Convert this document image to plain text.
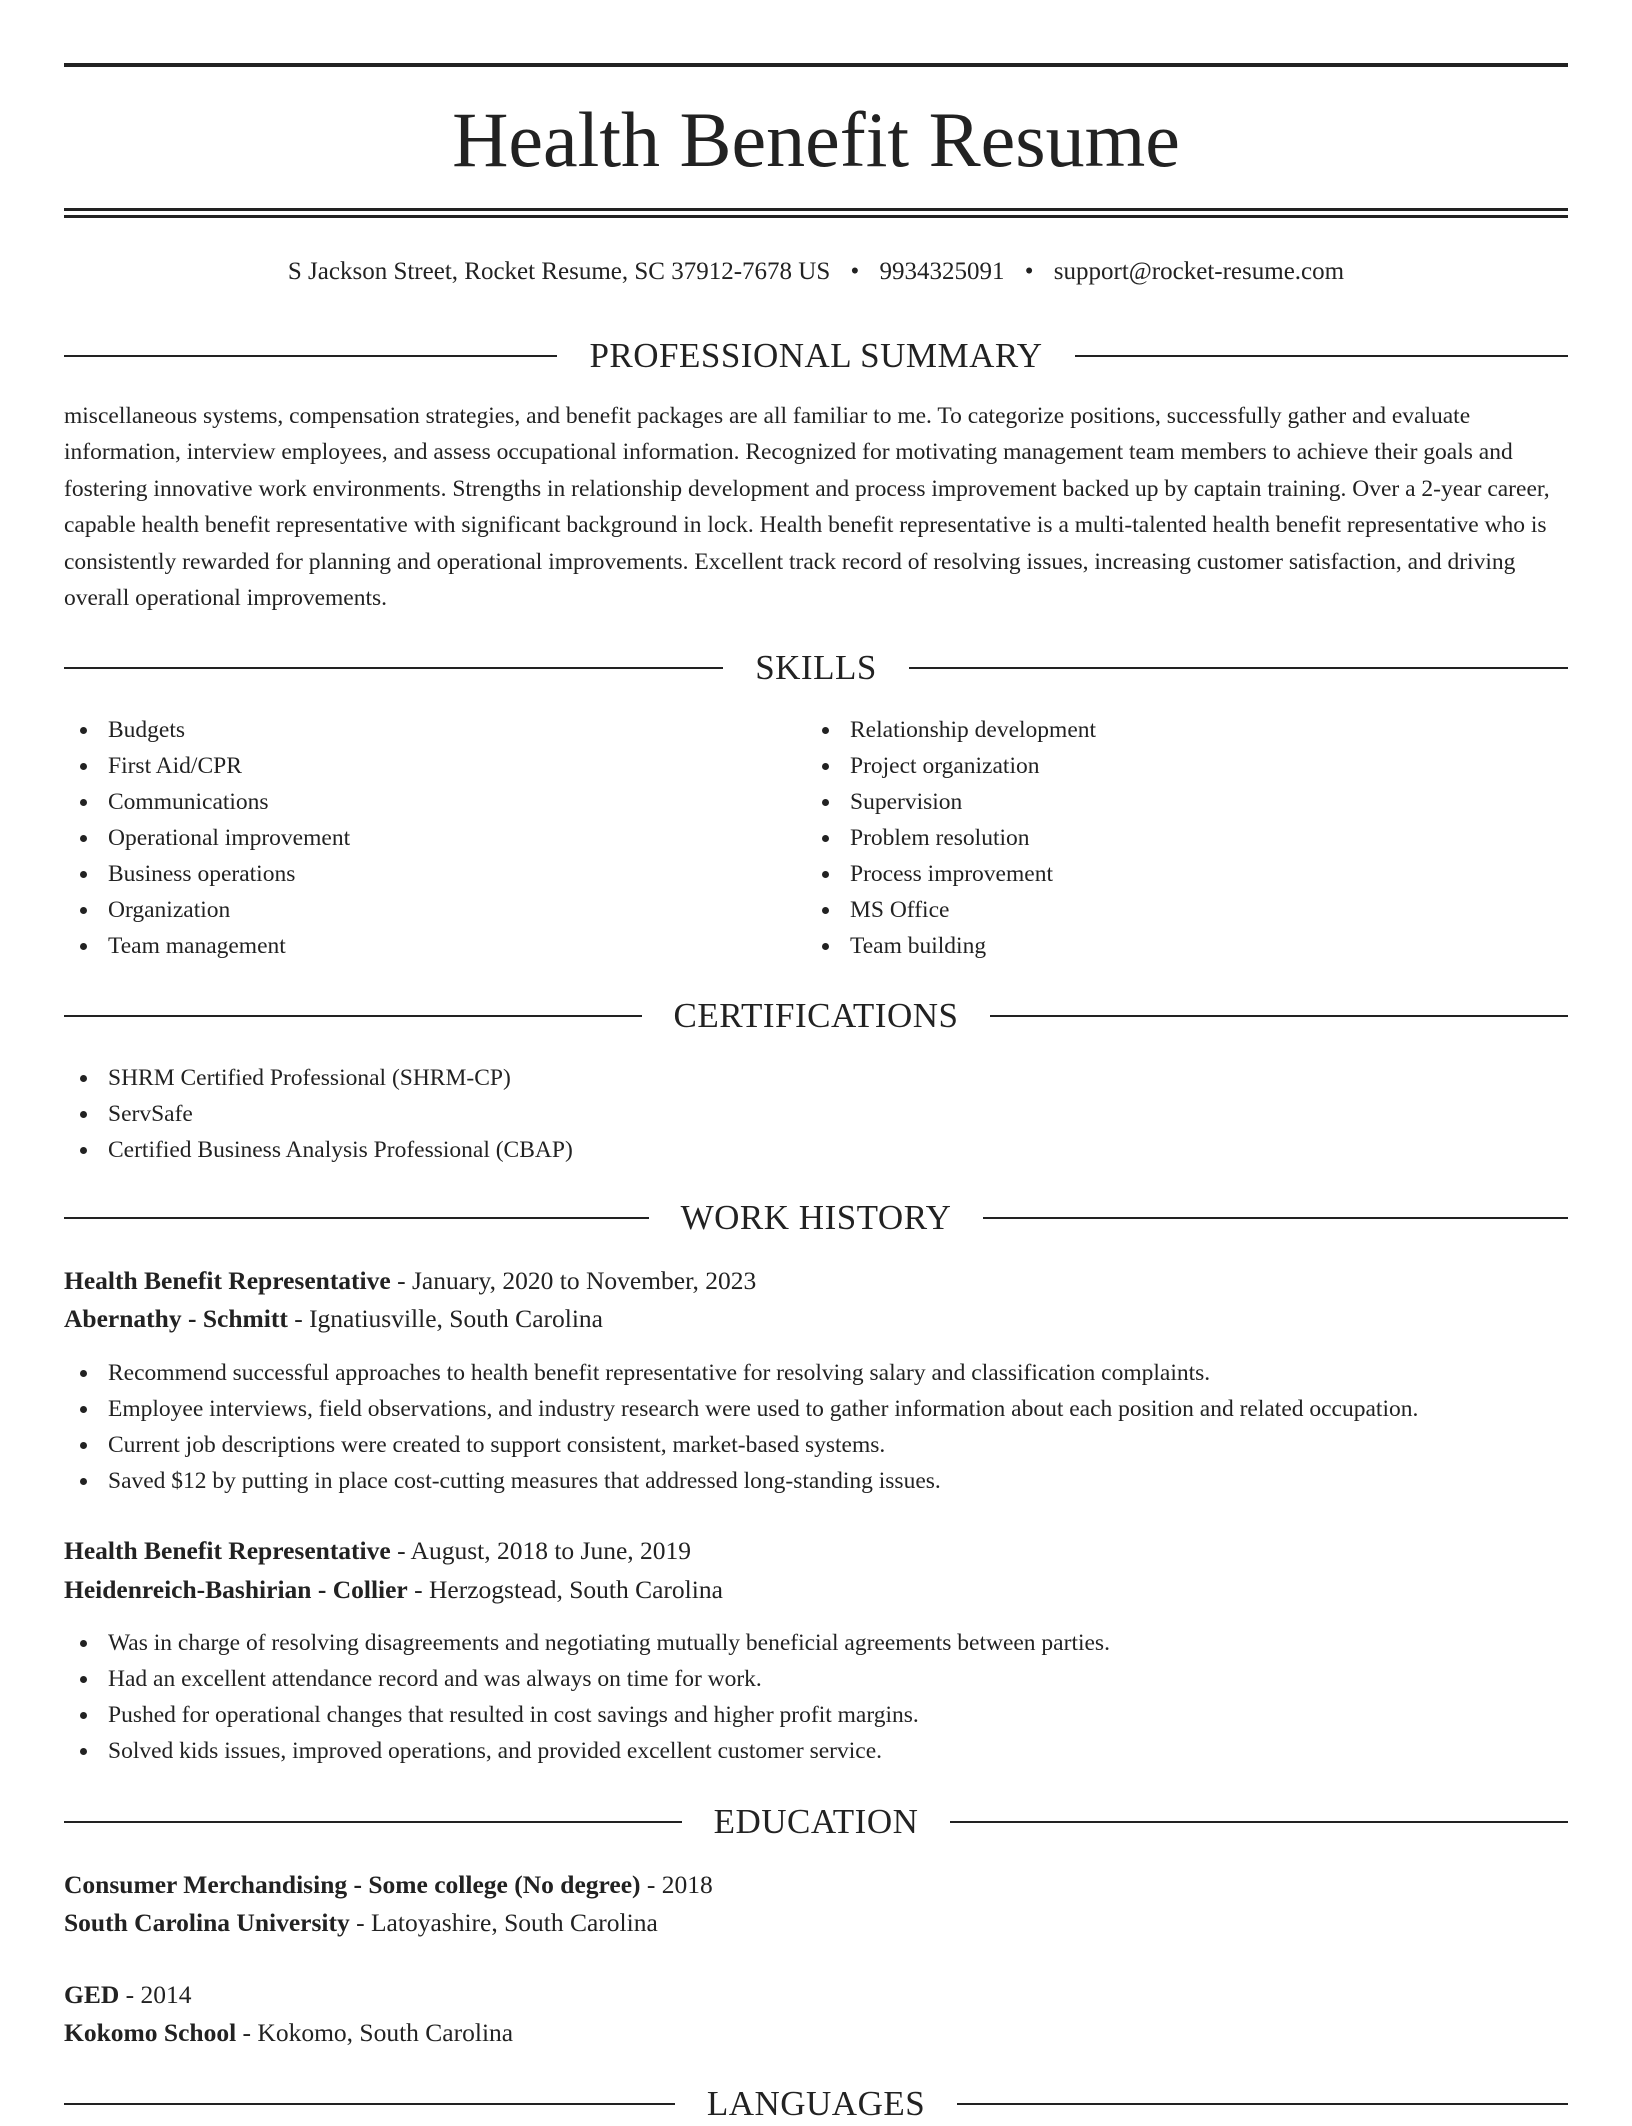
Health Benefit Resume
S Jackson Street, Rocket Resume, SC 37912-7678 US • 9934325091 • support@rocket-resume.com
PROFESSIONAL SUMMARY

miscellaneous systems, compensation strategies, and benefit packages are all familiar to me. To categorize positions, successfully gather and evaluate information, interview employees, and assess occupational information. Recognized for motivating management team members to achieve their goals and fostering innovative work environments. Strengths in relationship development and process improvement backed up by captain training. Over a 2-year career, capable health benefit representative with significant background in lock. Health benefit representative is a multi-talented health benefit representative who is consistently rewarded for planning and operational improvements. Excellent track record of resolving issues, increasing customer satisfaction, and driving overall operational improvements.

SKILLS
Budgets
First Aid/CPR
Communications
Operational improvement
Business operations
Organization
Team management
Relationship development
Project organization
Supervision
Problem resolution
Process improvement
MS Office
Team building
CERTIFICATIONS
SHRM Certified Professional (SHRM-CP)
ServSafe
Certified Business Analysis Professional (CBAP)
WORK HISTORY
Health Benefit Representative - January, 2020 to November, 2023
Abernathy - Schmitt - Ignatiusville, South Carolina
Recommend successful approaches to health benefit representative for resolving salary and classification complaints.
Employee interviews, field observations, and industry research were used to gather information about each position and related occupation.
Current job descriptions were created to support consistent, market-based systems.
Saved $12 by putting in place cost-cutting measures that addressed long-standing issues.
Health Benefit Representative - August, 2018 to June, 2019
Heidenreich-Bashirian - Collier - Herzogstead, South Carolina
Was in charge of resolving disagreements and negotiating mutually beneficial agreements between parties.
Had an excellent attendance record and was always on time for work.
Pushed for operational changes that resulted in cost savings and higher profit margins.
Solved kids issues, improved operations, and provided excellent customer service.
EDUCATION
Consumer Merchandising - Some college (No degree) - 2018
South Carolina University - Latoyashire, South Carolina
GED - 2014
Kokomo School - Kokomo, South Carolina
LANGUAGES
